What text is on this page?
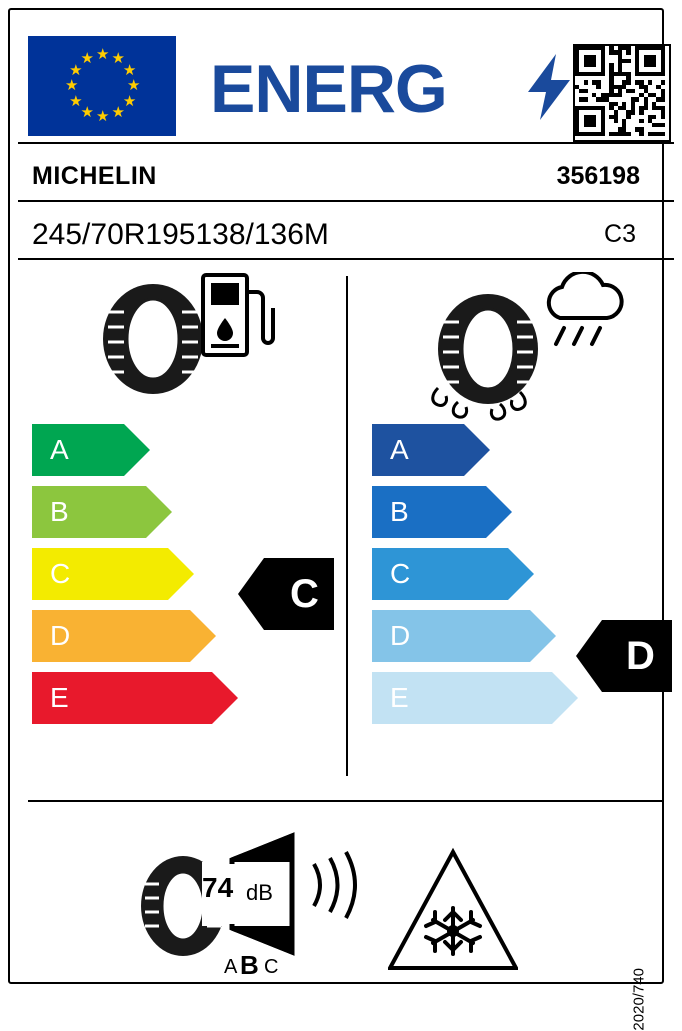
★ ★
★
★
★
★
★
★
★
★
★
★ ENERG
MICHELIN	356198
245/70R195138/136M	C3
A
B
C
D
E
C
A
B
C
D
E
D
74 dB
A B C
2020/740
